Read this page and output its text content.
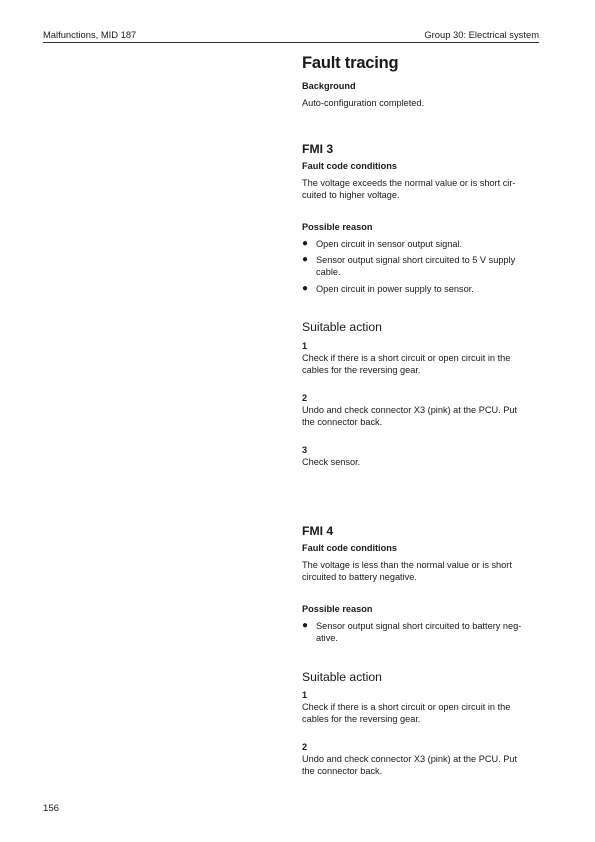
Malfunctions, MID 187	Group 30: Electrical system
Fault tracing
Background
Auto-configuration completed.
FMI 3
Fault code conditions
The voltage exceeds the normal value or is short cir-
cuited to higher voltage.
Possible reason
● Open circuit in sensor output signal.
● Sensor output signal short circuited to 5 V supply
cable.
● Open circuit in power supply to sensor.
Suitable action
1
Check if there is a short circuit or open circuit in the
cables for the reversing gear.
2
Undo and check connector X3 (pink) at the PCU. Put
the connector back.
3
Check sensor.
FMI 4
Fault code conditions
The voltage is less than the normal value or is short
circuited to battery negative.
Possible reason
● Sensor output signal short circuited to battery neg-
ative.
Suitable action
1
Check if there is a short circuit or open circuit in the
cables for the reversing gear.
2
Undo and check connector X3 (pink) at the PCU. Put
the connector back.
156
